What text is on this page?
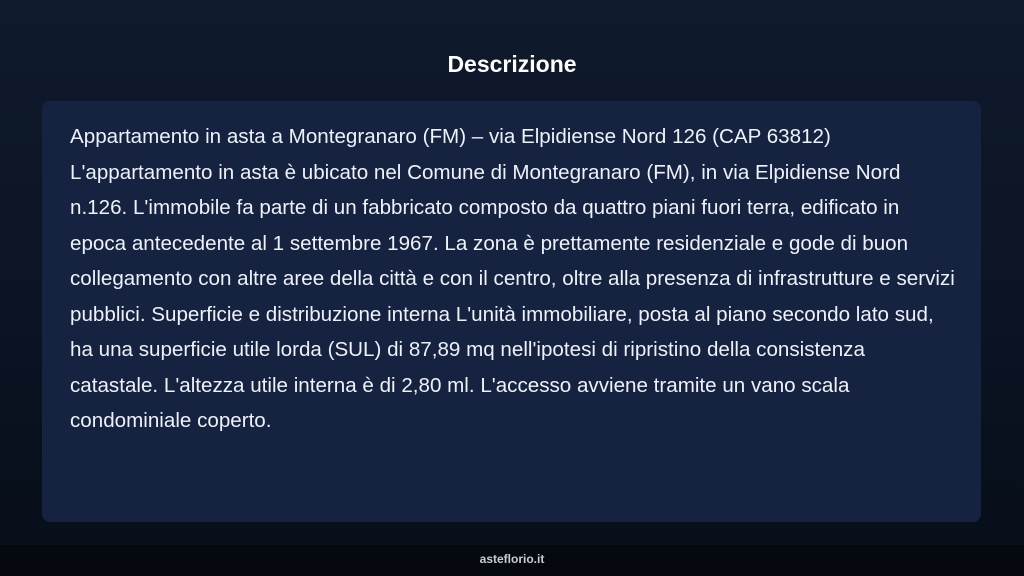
Descrizione

Appartamento in asta a Montegranaro (FM) – via Elpidiense Nord 126 (CAP 63812) L'appartamento in asta è ubicato nel Comune di Montegranaro (FM), in via Elpidiense Nord n.126. L'immobile fa parte di un fabbricato composto da quattro piani fuori terra, edificato in epoca antecedente al 1 settembre 1967. La zona è prettamente residenziale e gode di buon collegamento con altre aree della città e con il centro, oltre alla presenza di infrastrutture e servizi pubblici. Superficie e distribuzione interna L'unità immobiliare, posta al piano secondo lato sud, ha una superficie utile lorda (SUL) di 87,89 mq nell'ipotesi di ripristino della consistenza catastale. L'altezza utile interna è di 2,80 ml. L'accesso avviene tramite un vano scala condominiale coperto.

asteflorio.it
